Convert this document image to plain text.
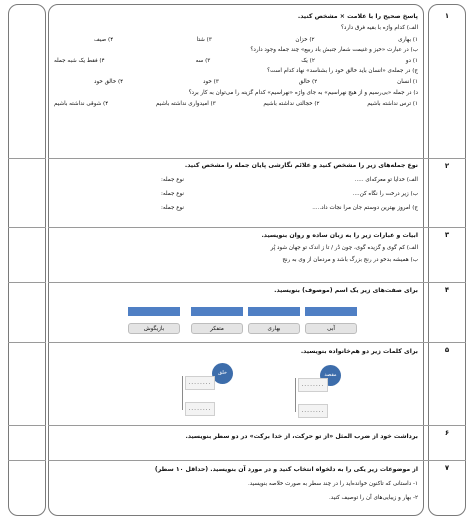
۱
۲
۳
۴
۵
۶
۷
پاسخ صحیح را با علامت × مشخص کنید.
الف) کدام واژه با بقیه فرق دارد؟
۱) بهاری
۲) خزان
۳) شتا
۴) صیف
ب) در عبارت «خیز و غنیمت شمار جنبش باد ربیع» چند جمله وجود دارد؟
۱) دو
۲) یک
۳) سه
۴) فقط یک شبه جمله
ج) در جمله‌ی «انسان باید خالق خود را بشناسد» نهاد کدام است؟
۱) انسان
۲) خالق
۳) خود
۴) خالق خود
د) در جمله «بی‌رسیم و از هیچ نهراسیم» به جای واژه «نهراسیم» کدام گزینه را می‌توان به کار برد؟
۱) ترس نداشته باشیم
۲) خجالتی نداشته باشیم
۳) امیدواری نداشته باشیم
۴) شوقی نداشته باشیم
نوع جمله‌های زیر را مشخص کنید و علائم نگارشی پایان جمله را مشخص کنید.
الف) خدایا تو معرکه‌ای .....
نوع جمله:
ب) زیر درخت را نگاه کن....
نوع جمله:
ج) امروز بهترین دوستم جان مرا نجات داد.....
نوع جمله:
ابیات و عبارات زیر را به زبان ساده و روان بنویسید.
الف) کم گوی و گزیده گوی، چون دُر / تا ز اندک تو جهان شود پُر
ب) همیشه بدخو در رنج بزرگ باشد و مردمان از وی به رنج
برای صفت‌های زیر یک اسم (موصوف) بنویسید.
آبی
بهاری
متفکر
بازیگوش
برای کلمات زیر دو هم‌خانواده بنویسید.
مقصد
........
........
خلق
........
........
برداشت خود از ضرب المثل «از تو حرکت، از خدا برکت» در دو سطر بنویسید.
از موضوعات زیر یکی را به دلخواه انتخاب کنید و در مورد آن بنویسید. (حداقل ۱۰ سطر)
۱- داستانی که تاکنون خوانده‌اید را در چند سطر به صورت خلاصه بنویسید.
۲- بهار و زیبایی‌های آن را توصیف کنید.
